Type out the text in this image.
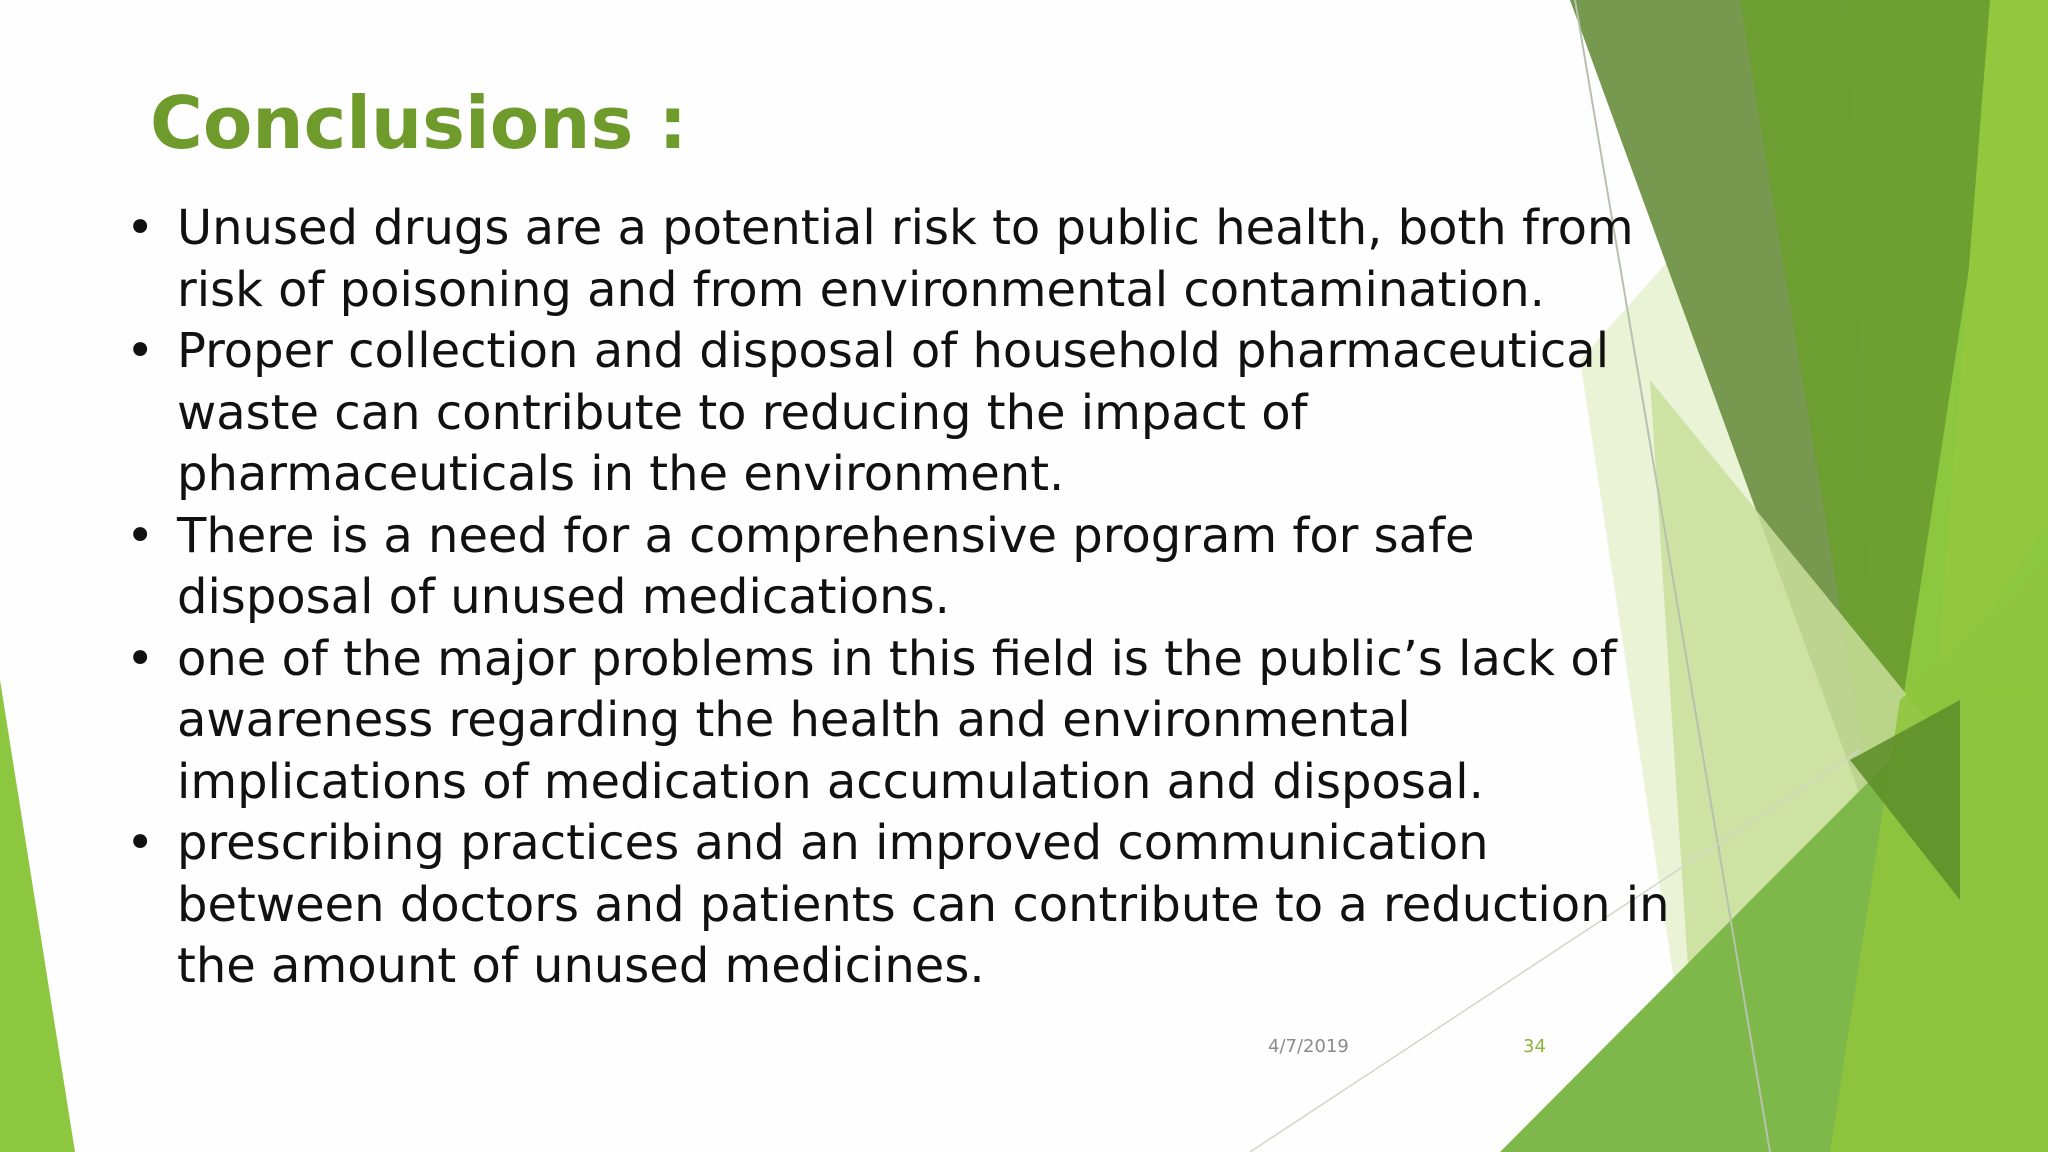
Conclusions :
• Unused drugs are a potential risk to public health, both from risk of poisoning and from environmental contamination.
• Proper collection and disposal of household pharmaceutical waste can contribute to reducing the impact of pharmaceuticals in the environment.
• There is a need for a comprehensive program for safe disposal of unused medications.
• one of the major problems in this field is the public’s lack of awareness regarding the health and environmental implications of medication accumulation and disposal.
• prescribing practices and an improved communication between doctors and patients can contribute to a reduction in the amount of unused medicines.
4/7/2019	34
